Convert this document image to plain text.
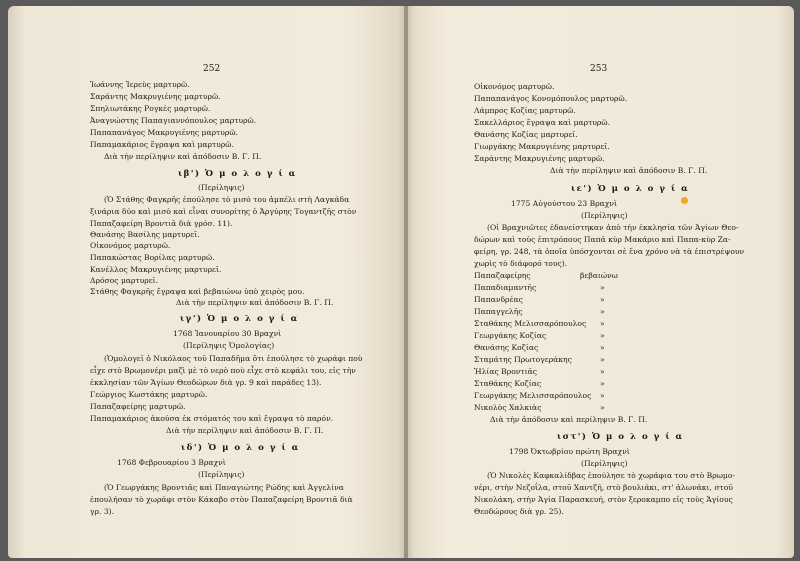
252
Ἰωάννης Ἱερεὺς μαρτυρῶ.
Σαράντης Μακρυγιένης μαρτυρῶ.
Σπηλιωτάκης Ρογκὲς μαρτυρῶ.
Ἀναγνώστης Παπαγιαννόπουλος μαρτυρῶ.
Παπαπανάγος Μακρυγιένης μαρτυρῶ.
Παπαμακάριος ἔγραψα καὶ μαρτυρῶ.
Διὰ τὴν περίληψιν καὶ ἀπόδοσιν Β. Γ. Π.
ιβ') Ὁ μ ο λ ο γ ί α
(Περίληψις)
(Ὁ Στάθης Φαγκρῆς ἐπούλησε τὸ μισό του ἀμπέλι στὴ Λαγκάδα
ξινάρια δύο καὶ μισὸ καὶ εἶναι συνορίτης ὁ Ἀργύρης Τογαντζῆς στὸν
Παπαζαφείρη Βροντιᾶ διὰ γρόσ. 11).
Θανάσης Βασίλης μαρτυρεῖ.
Οἰκονόμος μαρτυρῶ.
Παπακώστας Βορίλας μαρτυρῶ.
Κανέλλος Μακρυγιένης μαρτυρεῖ.
Δρόσος μαρτυρεῖ.
Στάθης Φαγκρῆς ἔγραψα καὶ βεβαιώνω ὑπὸ χειρὸς μου.
Διὰ τὴν περίληψιν καὶ ἀπόδοσιν Β. Γ. Π.
ιγ') Ὁ μ ο λ ο γ ί α
1768 Ἰανουαρίου 30 Βραχνὶ
(Περίληψις Ὁμολογίας)
(Ὁμολογεῖ ὁ Νικόλαος τοῦ Παπαδῆμα ὅτι ἐπούλησε τὸ χωράφι ποὺ
εἶχε στὸ Βρωμονέρι μαζὶ μὲ τὸ νερὸ ποὺ εἶχε στὸ κεφάλι του, εἰς τὴν
ἐκκλησίαν τῶν Ἁγίων Θεοδώρων διὰ γρ. 9 καὶ παράδες 13).
Γεώργιος Κωστάκης μαρτυρῶ.
Παπαζαφείρης μαρτυρῶ.
Παπαμακάριος ἀκούσα ἐκ στόματός του καὶ ἔγραψα τὸ παρόν.
Διὰ τὴν περίληψιν καὶ ἀπόδοσιν Β. Γ. Π.
ιδ') Ὁ μ ο λ ο γ ί α
1768 Φεβρουαρίου 3 Βραχνὶ
(Περίληψις)
(Ὁ Γεωργάκης Βροντιᾶς καὶ Παναγιώτης Ρώδης καὶ Ἀγγελίνα
ἐπουλήσαν τὸ χωράφι στὸν Κάκαβο στὸν Παπαζαφείρη Βροντιᾶ διὰ
γρ. 3).
253
Οἰκονόμος μαρτυρῶ.
Παπαπανάγος Κονομόπουλος μαρτυρῶ.
Λάμπρος Κοζίας μαρτυρῶ.
Σακελλάριος ἔγραψα καὶ μαρτυρῶ.
Θανάσης Κοζίας μαρτυρεῖ.
Γιωργάκης Μακρυγιένης μαρτυρεῖ.
Σαράντης Μακρυγιένης μαρτυρῶ.
Διὰ τὴν περίληψιν καὶ ἀπόδοσιν Β. Γ. Π.
ιε') Ὁ μ ο λ ο γ ί α
1775 Αὐγούστου 23 Βραχνὶ
(Περίληψις)
(Οἱ Βραχνιῶτες ἐδανείστηκαν ἀπὸ τὴν ἐκκλησία τῶν Ἁγίων Θεο-
δώρων καὶ τοὺς ἐπιτρόπους Παπᾶ κὺρ Μακάριο καὶ Παπα-κὺρ Ζα-
φείρη, γρ. 248, τὰ ὁποῖα ὑπόσχονται σὲ ἕνα χρόνο νὰ τὰ ἐπιστρέψουν
χωρὶς τὸ διάφορό τους).
Παπαζαφείρης	βεβαιώνω
Παπαδιαμαντῆς	»
Παπανδρέας	»
Παπαγγελῆς	»
Σταθάκης Μελισσαρόπουλος »
Γεωργάκης Κοζίας	»
Θανάσης Κοζίας	»
Σταμάτης Πρωτογεράκης	»
Ἠλίας Βροντιᾶς	»
Σταθάκης Κοζίας	»
Γεωργάκης Μελισσαρόπουλος »
Νικολὸς Χαλκιὰς	»
Διὰ τὴν ἀπόδοσιν καὶ περίληψιν Β. Γ. Π.
ιστ') Ὁ μ ο λ ο γ ί α
1798 Ὀκτωβρίου πρώτη Βραχνὶ
(Περίληψις)
(Ὁ Νικολὲς Καφκαλίδβας ἐπούλησε τὸ χωράφια του στὸ Βρωμο-
νέρι, στὴν Νεζοΐλα, στοῦ Χαντζῆ, στὸ βουλιάκι, στ' ἀλωνάκι, στοῦ
Νικολάκη, στὴν Ἁγία Παρασκευή, στὸν ξεροκαμπο εἰς τοὺς Ἁγίους
Θεοδώρους διὰ γρ. 25).
